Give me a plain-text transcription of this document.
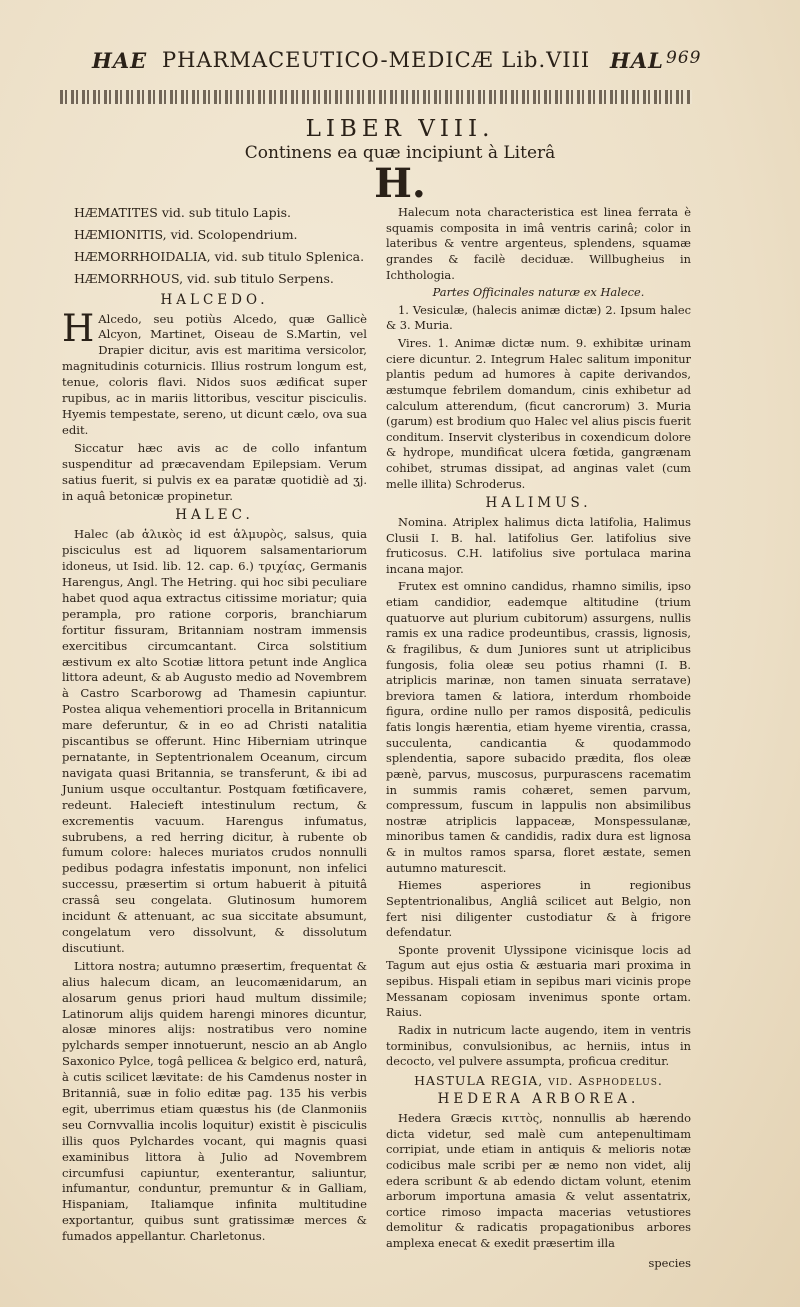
HAE PHARMACEUTICO-MEDICÆ Lib.VIII HAL 969
LIBER VIII.
Continens ea quæ incipiunt à Literâ
H.
HÆMATITES vid. sub titulo Lapis.
HÆMIONITIS, vid. Scolopendrium.
HÆMORRHOIDALIA, vid. sub titulo Splenica.
HÆMORRHOUS, vid. sub titulo Serpens.
HALCEDO.

H Alcedo, seu potiùs Alcedo, quæ Gallicè Alcyon, Martinet, Oiseau de S.Martin, vel Drapier dicitur, avis est maritima versicolor, magnitudinis coturnicis. Illius rostrum longum est, tenue, coloris flavi. Nidos suos ædificat super rupibus, ac in mariis littoribus, vescitur pisciculis. Hyemis tempestate, sereno, ut dicunt cælo, ova sua edit.

Siccatur hæc avis ac de collo infantum suspenditur ad præcavendam Epilepsiam. Verum satius fuerit, si pulvis ex ea paratæ quotidiè ad ʒj. in aquâ betonicæ propinetur.

HALEC.

Halec (ab ἁλικὸς id est ἁλμυρὸς, salsus, quia pisciculus est ad liquorem salsamentariorum idoneus, ut Isid. lib. 12. cap. 6.) τριχίας, Germanis Harengus, Angl. The Hetring. qui hoc sibi peculiare habet quod aqua extractus citissime moriatur; quia perampla, pro ratione corporis, branchiarum fortitur fissuram, Britanniam nostram immensis exercitibus circumcantant. Circa solstitium æstivum ex alto Scotiæ littora petunt inde Anglica littora adeunt, & ab Augusto medio ad Novembrem à Castro Scarborowg ad Thamesin capiuntur. Postea aliqua vehementiori procella in Britannicum mare deferuntur, & in eo ad Christi natalitia piscantibus se offerunt. Hinc Hiberniam utrinque pernatante, in Septentrionalem Oceanum, circum navigata quasi Britannia, se transferunt, & ibi ad Junium usque occultantur. Postquam fœtificavere, redeunt. Halecieft intestinulum rectum, & excrementis vacuum. Harengus infumatus, subrubens, a red herring dicitur, à rubente ob fumum colore: haleces muriatos crudos nonnulli pedibus podagra infestatis imponunt, non infelici successu, præsertim si ortum habuerit à pituitâ crassâ seu congelata. Glutinosum humorem incidunt & attenuant, ac sua siccitate absumunt, congelatum vero dissolvunt, & dissolutum discutiunt.

Littora nostra; autumno præsertim, frequentat & alius halecum dicam, an leucomænidarum, an alosarum genus priori haud multum dissimile; Latinorum alijs quidem harengi minores dicuntur, alosæ minores alijs: nostratibus vero nomine pylchards semper innotuerunt, nescio an ab Anglo Saxonico Pylce, togâ pellicea & belgico erd, naturâ, à cutis scilicet lævitate: de his Camdenus noster in Britanniâ, suæ in folio editæ pag. 135 his verbis egit, uberrimus etiam quæstus his (de Clanmoniis seu Cornvvallia incolis loquitur) existit è pisciculis illis quos Pylchardes vocant, qui magnis quasi examinibus littora à Julio ad Novembrem circumfusi capiuntur, exenterantur, saliuntur, infumantur, conduntur, premuntur & in Galliam, Hispaniam, Italiamque infinita multitudine exportantur, quibus sunt gratissimæ merces & fumados appellantur. Charletonus.

Halecum nota characteristica est linea ferrata è squamis composita in imâ ventris carinâ; color in lateribus & ventre argenteus, splendens, squamæ grandes & facilè deciduæ. Willbugheius in Ichthologia.

Partes Officinales naturæ ex Halece.

1. Vesiculæ, (halecis animæ dictæ) 2. Ipsum halec & 3. Muria.

Vires. 1. Animæ dictæ num. 9. exhibitæ urinam ciere dicuntur. 2. Integrum Halec salitum imponitur plantis pedum ad humores à capite derivandos, æstumque febrilem domandum, cinis exhibetur ad calculum atterendum, (ficut cancrorum) 3. Muria (garum) est brodium quo Halec vel alius piscis fuerit conditum. Inservit clysteribus in coxendicum dolore & hydrope, mundificat ulcera fœtida, gangrænam cohibet, strumas dissipat, ad anginas valet (cum melle illita) Schroderus.

HALIMUS.

Nomina. Atriplex halimus dicta latifolia, Halimus Clusii I. B. hal. latifolius Ger. latifolius sive fruticosus. C.H. latifolius sive portulaca marina incana major.

Frutex est omnino candidus, rhamno similis, ipso etiam candidior, eademque altitudine (trium quatuorve aut plurium cubitorum) assurgens, nullis ramis ex una radice prodeuntibus, crassis, lignosis, & fragilibus, & dum Juniores sunt ut atriplicibus fungosis, folia oleæ seu potius rhamni (I. B. atriplicis marinæ, non tamen sinuata serratave) breviora tamen & latiora, interdum rhomboide figura, ordine nullo per ramos dispositâ, pediculis fatis longis hærentia, etiam hyeme virentia, crassa, succulenta, candicantia & quodammodo splendentia, sapore subacido prædita, flos oleæ pænè, parvus, muscosus, purpurascens racematim in summis ramis cohæret, semen parvum, compressum, fuscum in lappulis non absimilibus nostræ atriplicis lappaceæ, Monspessulanæ, minoribus tamen & candidis, radix dura est lignosa & in multos ramos sparsa, floret æstate, semen autumno maturescit.

Hiemes asperiores in regionibus Septentrionalibus, Angliâ scilicet aut Belgio, non fert nisi diligenter custodiatur & à frigore defendatur.

Sponte provenit Ulyssipone vicinisque locis ad Tagum aut ejus ostia & æstuaria mari proxima in sepibus. Hispali etiam in sepibus mari vicinis prope Messanam copiosam invenimus sponte ortam. Raius.

Radix in nutricum lacte augendo, item in ventris torminibus, convulsionibus, ac herniis, intus in decocto, vel pulvere assumpta, proficua creditur.

HASTULA REGIA, vid. Asphodelus.
HEDERA ARBOREA.

Hedera Græcis κιττὸς, nonnullis ab hærendo dicta videtur, sed malè cum antepenultimam corripiat, unde etiam in antiquis & melioris notæ codicibus male scribi per æ nemo non videt, alij edera scribunt & ab edendo dictam volunt, etenim arborum importuna amasia & velut assentatrix, cortice rimoso impacta macerias vetustiores demolitur & radicatis propagationibus arbores amplexa enecat & exedit præsertim illa

species
